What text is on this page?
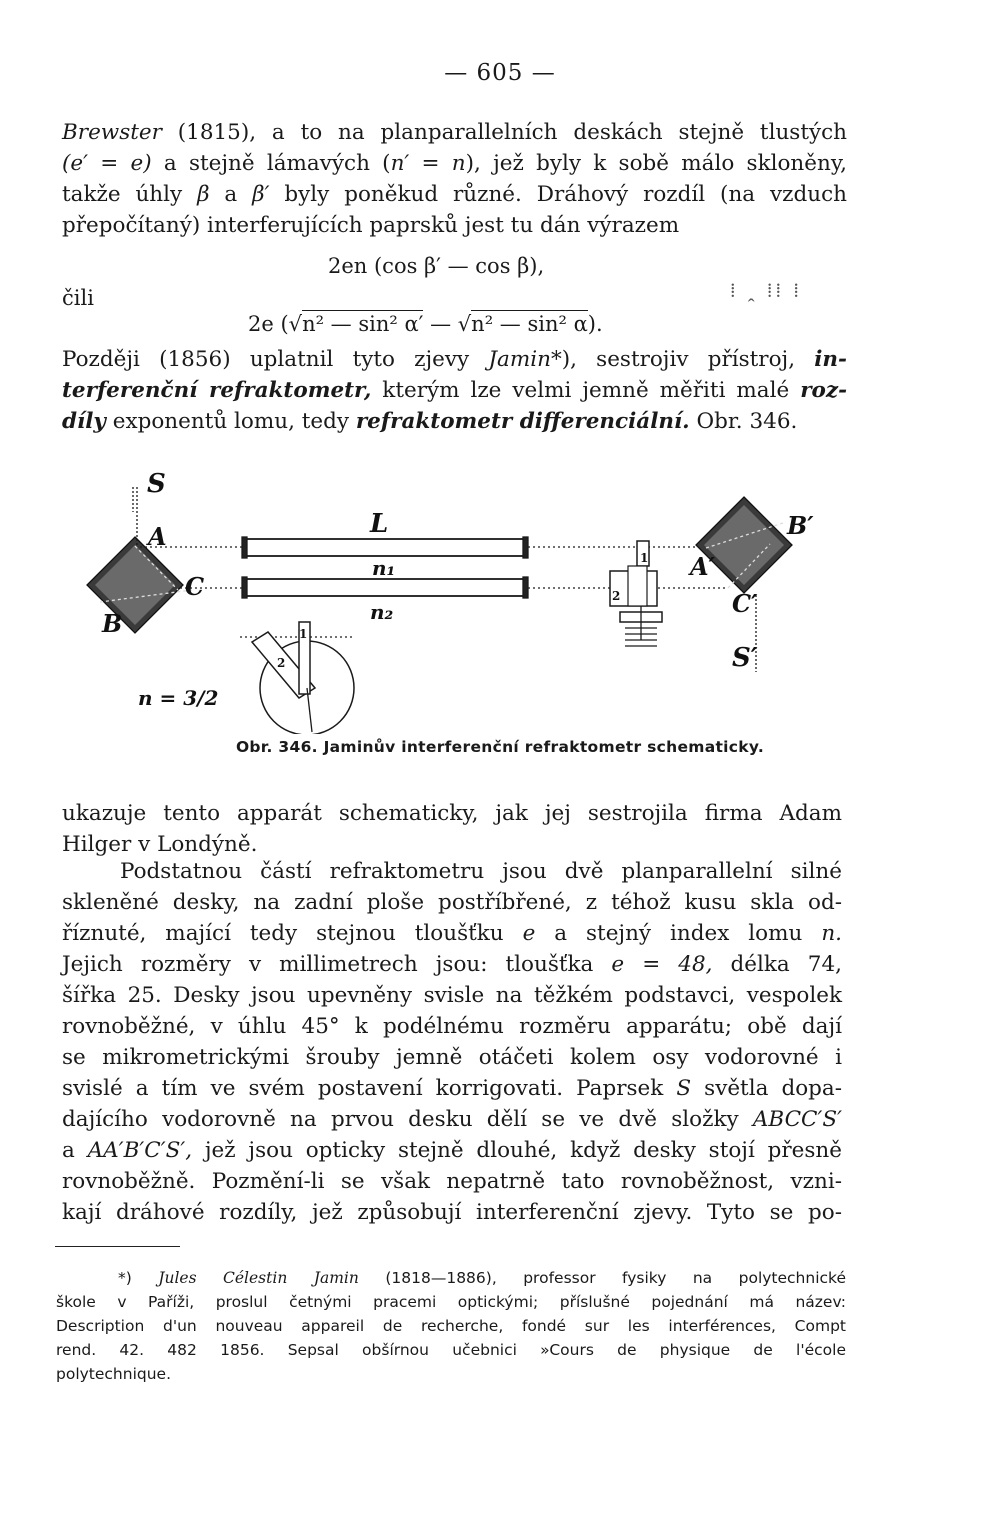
— 605 —
Brewster (1815), a to na planparallelních deskách stejně tlustých
(e′ = e) a stejně lámavých (n′ = n), jež byly k sobě málo skloněny,
takže úhly β a β′ byly poněkud různé. Dráhový rozdíl (na vzduch
přepočítaný) interferujících paprsků jest tu dán výrazem
2en (cos β′ — cos β),
čili
2e (√n² — sin² α′ — √n² — sin² α).
⁞ ꞈ ⁞⁞ ⁞
Později (1856) uplatnil tyto zjevy Jamin*), sestrojiv přístroj, in-
terferenční refraktometr, kterým lze velmi jemně měřiti malé roz-
díly exponentů lomu, tedy refraktometr differenciální. Obr. 346.
S
A
C
B
L
n₁
n₂
B′
A′
C′
S′
1
2
1
2
n = 3/2
Obr. 346. Jaminův interferenční refraktometr schematicky.
ukazuje tento apparát schematicky, jak jej sestrojila firma Adam
Hilger v Londýně.
Podstatnou částí refraktometru jsou dvě planparallelní silné
skleněné desky, na zadní ploše postříbřené, z téhož kusu skla od-
říznuté, mající tedy stejnou tloušťku e a stejný index lomu n.
Jejich rozměry v millimetrech jsou: tloušťka e = 48, délka 74,
šířka 25. Desky jsou upevněny svisle na těžkém podstavci, vespolek
rovnoběžné, v úhlu 45° k podélnému rozměru apparátu; obě dají
se mikrometrickými šrouby jemně otáčeti kolem osy vodorovné i
svislé a tím ve svém postavení korrigovati. Paprsek S světla dopa-
dajícího vodorovně na prvou desku dělí se ve dvě složky ABCC′S′
a AA′B′C′S′, jež jsou opticky stejně dlouhé, když desky stojí přesně
rovnoběžně. Pozmění-li se však nepatrně tato rovnoběžnost, vzni-
kají dráhové rozdíly, jež způsobují interferenční zjevy. Tyto se po-
*) Jules Célestin Jamin (1818—1886), professor fysiky na polytechnické
škole v Paříži, proslul četnými pracemi optickými; příslušné pojednání má název:
Description d'un nouveau appareil de recherche, fondé sur les interférences, Compt
rend. 42. 482 1856. Sepsal obšírnou učebnici »Cours de physique de l'école
polytechnique.
